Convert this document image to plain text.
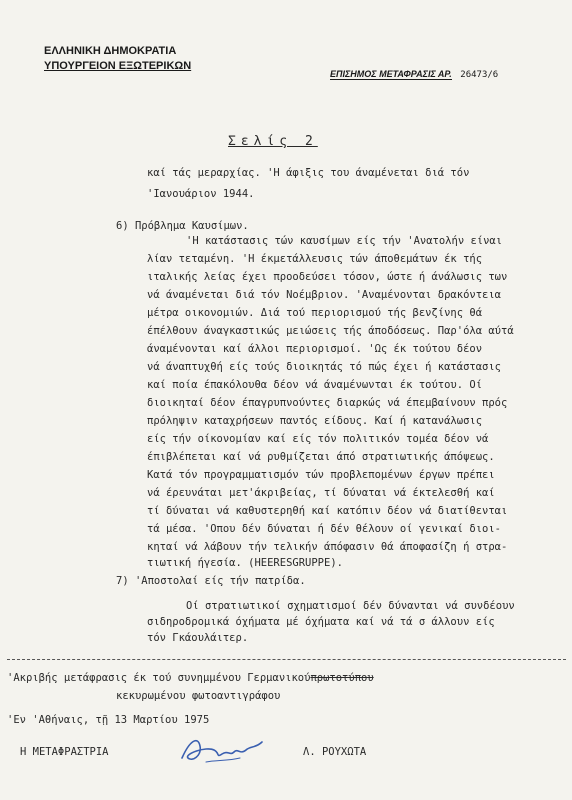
ΕΛΛΗΝΙΚΗ ΔΗΜΟΚΡΑΤΙΑ
ΥΠΟΥΡΓΕΙΟΝ ΕΞΩΤΕΡΙΚΩΝ
ΕΠΙΣΗΜΟΣ ΜΕΤΑΦΡΑΣΙΣ ΑΡ. 26473/6
Σελίς 2
καί τάς μεραρχίας. 'Η άφιξις του άναμένεται διά τόν
'Ιανουάριον 1944.
6) Πρόβλημα Καυσίμων.
'Η κατάστασις τών καυσίμων είς τήν 'Ανατολήν είναι
λίαν τεταμένη. 'Η έκμετάλλευσις τών άποθεμάτων έκ τής
ιταλικής λείας έχει προοδεύσει τόσον, ώστε ή άνάλωσις των
νά άναμένεται διά τόν Νοέμβριον. 'Αναμένονται δρακόντεια
μέτρα οικονομιών. Διά τού περιορισμού τής βενζίνης θά
έπέλθουν άναγκαστικώς μειώσεις τής άποδόσεως. Παρ'όλα αύτά
άναμένονται καί άλλοι περιορισμοί. 'Ως έκ τούτου δέον
νά άναπτυχθή είς τούς διοικητάς τό πώς έχει ή κατάστασις
καί ποία έπακόλουθα δέον νά άναμένωνται έκ τούτου. Οί
διοικηταί δέον έπαγρυπνούντες διαρκώς νά έπεμβαίνουν πρός
πρόληψιν καταχρήσεων παντός είδους. Καί ή κατανάλωσις
είς τήν οίκονομίαν καί είς τόν πολιτικόν τομέα δέον νά
έπιβλέπεται καί νά ρυθμίζεται άπό στρατιωτικής άπόψεως.
Κατά τόν προγραμματισμόν τών προβλεπομένων έργων πρέπει
νά έρευνάται μετ'άκριβείας, τί δύναται νά έκτελεσθή καί
τί δύναται νά καθυστερηθή καί κατόπιν δέον νά διατίθενται
τά μέσα. 'Οπου δέν δύναται ή δέν θέλουν οί γενικαί διοι-
κηταί νά λάβουν τήν τελικήν άπόφασιν θά άποφασίζη ή στρα-
τιωτική ήγεσία. (HEERESGRUPPE).
7) 'Αποστολαί είς τήν πατρίδα.
Οί στρατιωτικοί σχηματισμοί δέν δύνανται νά συνδέουν
σιδηροδρομικά όχήματα μέ όχήματα καί νά τά σ άλλουν είς
τόν Γκάουλάιτερ.
'Ακριβής μετάφρασις έκ τού συνημμένου Γερμανικούπρωτοτύπου
κεκυρωμένου φωτοαντιγράφου
'Εν 'Αθήναις, τῇ 13 Μαρτίου 1975
Η ΜΕΤΑΦΡΑΣΤΡΙΑ	Λ. ΡΟΥΧΩΤΑ
